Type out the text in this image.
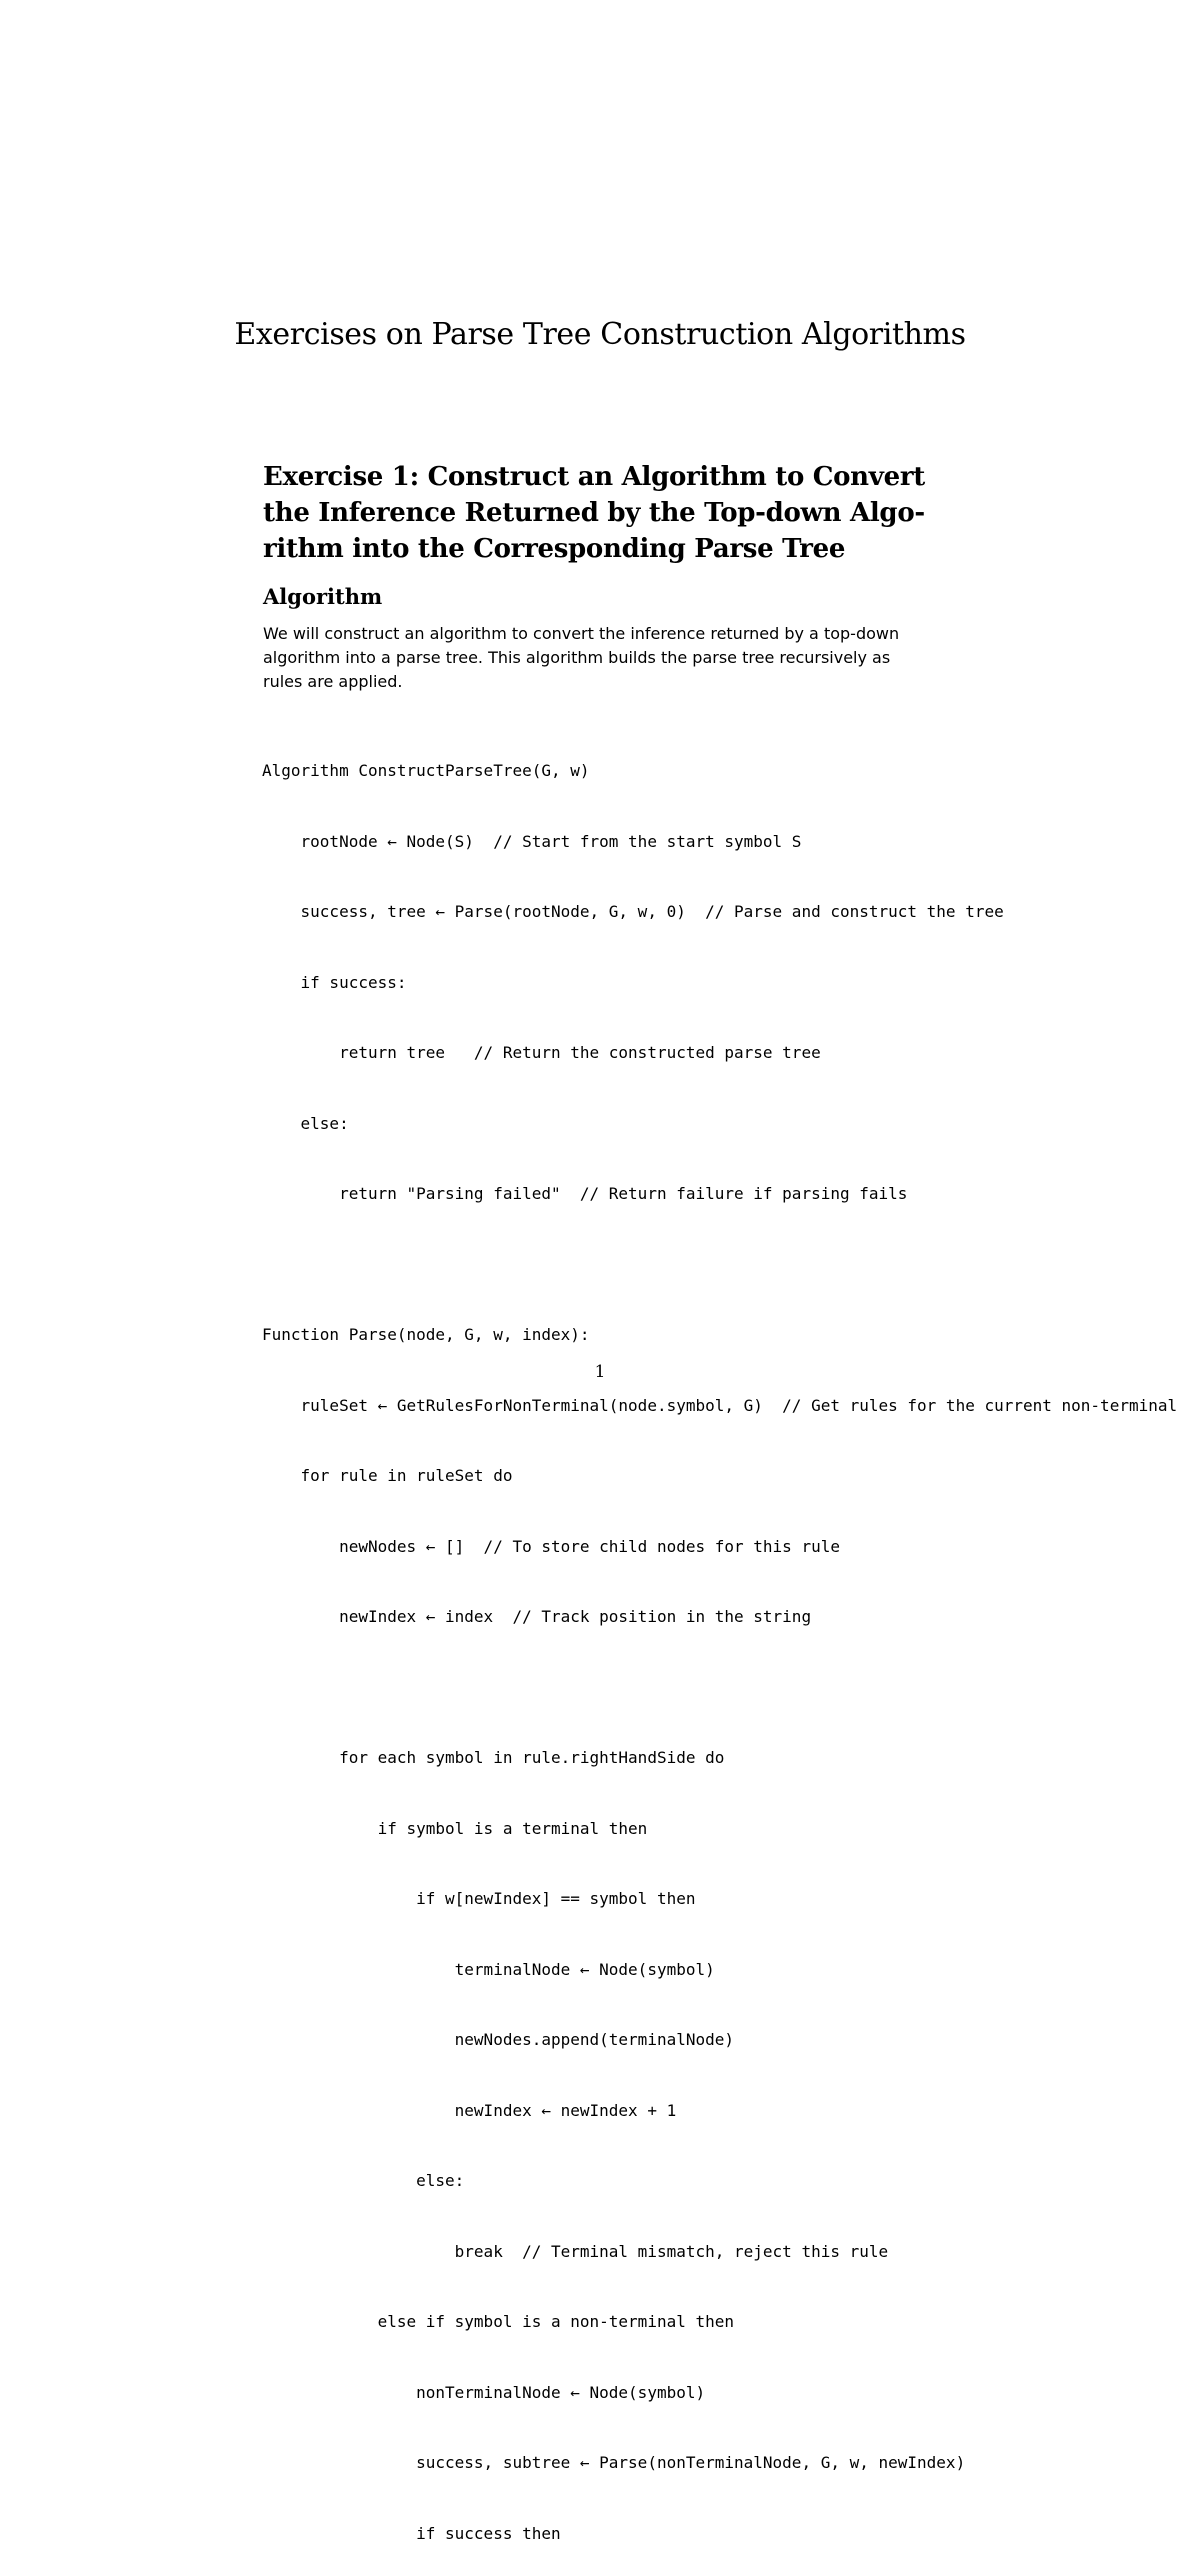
Exercises on Parse Tree Construction Algorithms
Exercise 1: Construct an Algorithm to Convert
the Inference Returned by the Top-down Algo-
rithm into the Corresponding Parse Tree
Algorithm

We will construct an algorithm to convert the inference returned by a top-down
algorithm into a parse tree. This algorithm builds the parse tree recursively as
rules are applied.

Algorithm ConstructParseTree(G, w)

rootNode ← Node(S)  // Start from the start symbol S

success, tree ← Parse(rootNode, G, w, 0)  // Parse and construct the tree

if success:

return tree   // Return the constructed parse tree

else:

return "Parsing failed"  // Return failure if parsing fails

Function Parse(node, G, w, index):

ruleSet ← GetRulesForNonTerminal(node.symbol, G)  // Get rules for the current non-terminal

for rule in ruleSet do

newNodes ← []  // To store child nodes for this rule

newIndex ← index  // Track position in the string

for each symbol in rule.rightHandSide do

if symbol is a terminal then

if w[newIndex] == symbol then

terminalNode ← Node(symbol)

newNodes.append(terminalNode)

newIndex ← newIndex + 1

else:

break  // Terminal mismatch, reject this rule

else if symbol is a non-terminal then

nonTerminalNode ← Node(symbol)

success, subtree ← Parse(nonTerminalNode, G, w, newIndex)

if success then

1
